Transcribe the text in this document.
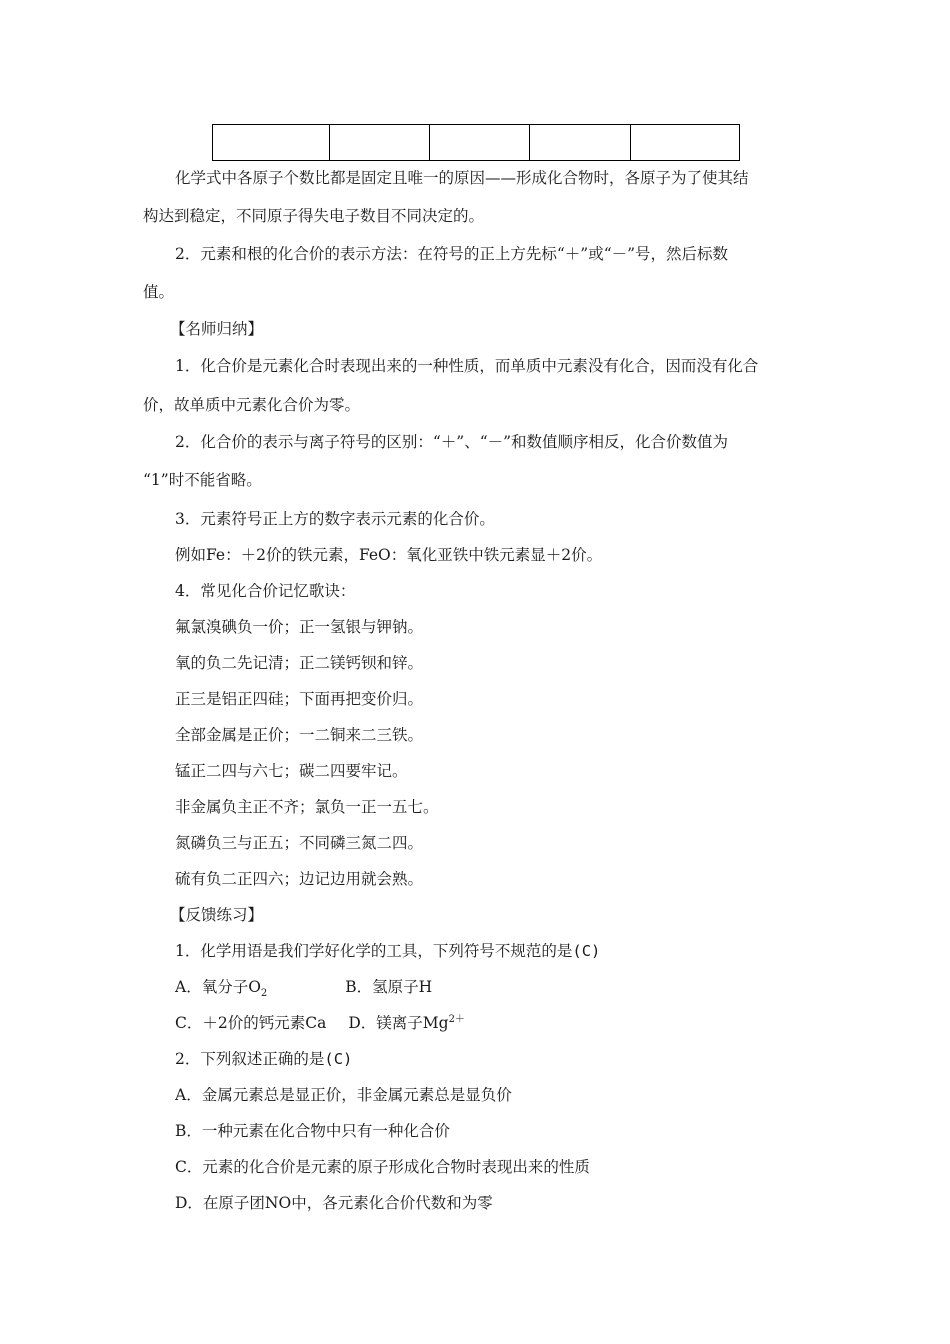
化学式中各原子个数比都是固定且唯一的原因——形成化合物时，各原子为了使其结
构达到稳定，不同原子得失电子数目不同决定的。
2．元素和根的化合价的表示方法：在符号的正上方先标“＋”或“－”号，然后标数
值。
【名师归纳】
1．化合价是元素化合时表现出来的一种性质，而单质中元素没有化合，因而没有化合
价，故单质中元素化合价为零。
2．化合价的表示与离子符号的区别：“＋”、“－”和数值顺序相反，化合价数值为
“1”时不能省略。
3．元素符号正上方的数字表示元素的化合价。
例如Fe：＋2价的铁元素，FeO：氧化亚铁中铁元素显＋2价。
4．常见化合价记忆歌诀：
氟氯溴碘负一价；正一氢银与钾钠。
氧的负二先记清；正二镁钙钡和锌。
正三是铝正四硅；下面再把变价归。
全部金属是正价；一二铜来二三铁。
锰正二四与六七；碳二四要牢记。
非金属负主正不齐；氯负一正一五七。
氮磷负三与正五；不同磷三氮二四。
硫有负二正四六；边记边用就会熟。
【反馈练习】
1．化学用语是我们学好化学的工具，下列符号不规范的是(C)
A．氧分子$O_2$	B．氢原子H
C．＋2价的钙元素Ca D．镁离子$Mg^{2+}$
2．下列叙述正确的是(C)
A．金属元素总是显正价，非金属元素总是显负价
B．一种元素在化合物中只有一种化合价
C．元素的化合价是元素的原子形成化合物时表现出来的性质
D．在原子团NO中，各元素化合价代数和为零
